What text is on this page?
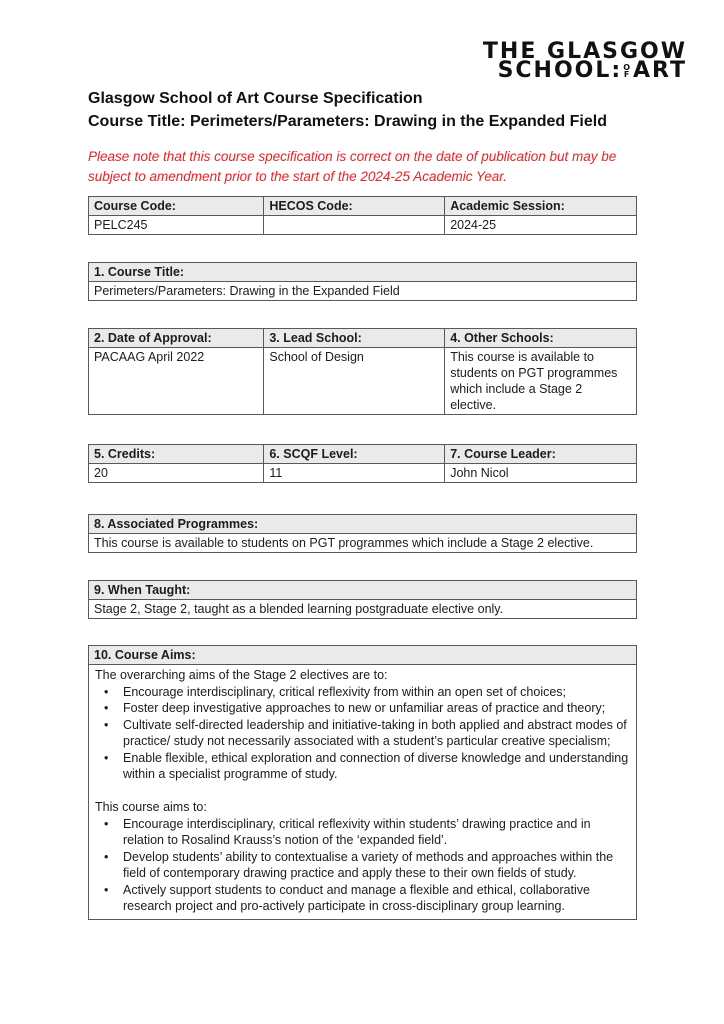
THE GLASGOW
SCHOOL: O
F ART
Glasgow School of Art Course Specification
Course Title: Perimeters/Parameters: Drawing in the Expanded Field
Please note that this course specification is correct on the date of publication but may be subject to amendment prior to the start of the 2024-25 Academic Year.
Course Code:	HECOS Code:	Academic Session:
PELC245		2024-25
1. Course Title:
Perimeters/Parameters: Drawing in the Expanded Field
2. Date of Approval:	3. Lead School:	4. Other Schools:
PACAAG April 2022	School of Design	This course is available to students on PGT programmes which include a Stage 2 elective.
5. Credits:	6. SCQF Level:	7. Course Leader:
20	11	John Nicol
8. Associated Programmes:
This course is available to students on PGT programmes which include a Stage 2 elective.
9. When Taught:
Stage 2, Stage 2, taught as a blended learning postgraduate elective only.
10. Course Aims:

The overarching aims of the Stage 2 electives are to:
• Encourage interdisciplinary, critical reflexivity from within an open set of choices;
• Foster deep investigative approaches to new or unfamiliar areas of practice and theory;
• Cultivate self-directed leadership and initiative-taking in both applied and abstract modes of practice/ study not necessarily associated with a student’s particular creative specialism;
• Enable flexible, ethical exploration and connection of diverse knowledge and understanding within a specialist programme of study.
This course aims to:
• Encourage interdisciplinary, critical reflexivity within students’ drawing practice and in relation to Rosalind Krauss’s notion of the ‘expanded field’.
• Develop students’ ability to contextualise a variety of methods and approaches within the field of contemporary drawing practice and apply these to their own fields of study.
• Actively support students to conduct and manage a flexible and ethical, collaborative research project and pro-actively participate in cross-disciplinary group learning.
